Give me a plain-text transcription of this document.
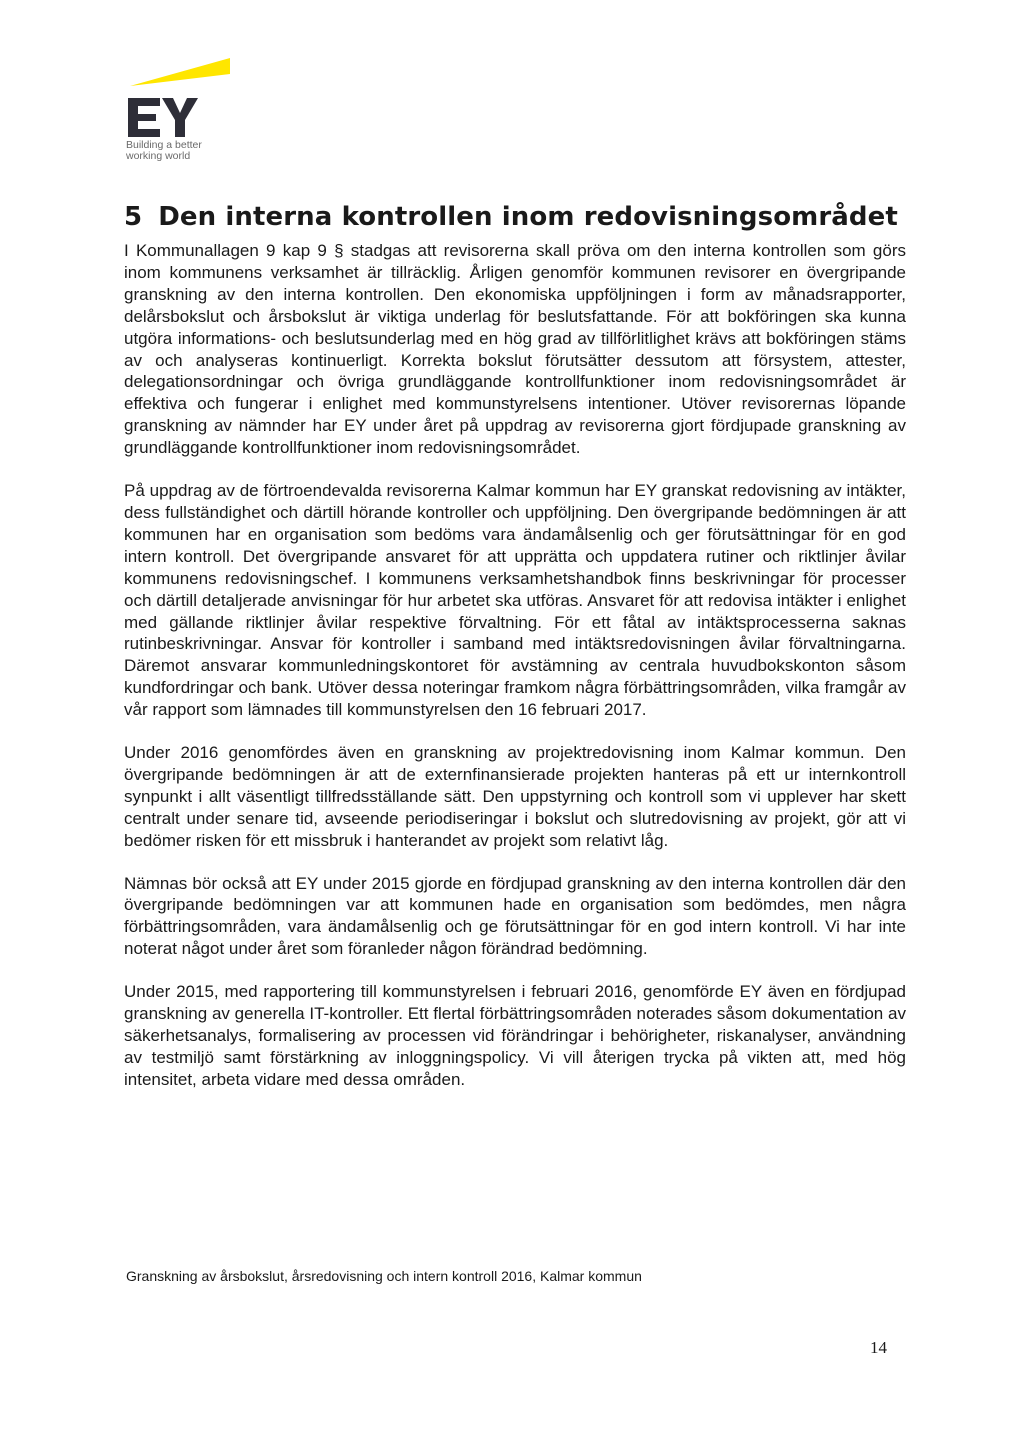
Building a better
working world
5 Den interna kontrollen inom redovisningsområdet

I Kommunallagen 9 kap 9 § stadgas att revisorerna skall pröva om den interna kontrollen som görs inom kommunens verksamhet är tillräcklig. Årligen genomför kommunen revisorer en övergripande granskning av den interna kontrollen. Den ekonomiska uppföljningen i form av månadsrapporter, delårsbokslut och årsbokslut är viktiga underlag för beslutsfattande. För att bokföringen ska kunna utgöra informations- och beslutsunderlag med en hög grad av tillförlitlighet krävs att bokföringen stäms av och analyseras kontinuerligt. Korrekta bokslut förutsätter dessutom att försystem, attester, delegationsordningar och övriga grundläggande kontrollfunktioner inom redovisningsområdet är effektiva och fungerar i enlighet med kommunstyrelsens intentioner. Utöver revisorernas löpande granskning av nämnder har EY under året på uppdrag av revisorerna gjort fördjupade granskning av grundläggande kontrollfunktioner inom redovisningsområdet.

På uppdrag av de förtroendevalda revisorerna Kalmar kommun har EY granskat redovisning av intäkter, dess fullständighet och därtill hörande kontroller och uppföljning. Den övergripande bedömningen är att kommunen har en organisation som bedöms vara ändamålsenlig och ger förutsättningar för en god intern kontroll. Det övergripande ansvaret för att upprätta och uppdatera rutiner och riktlinjer åvilar kommunens redovisningschef. I kommunens verksamhetshandbok finns beskrivningar för processer och därtill detaljerade anvisningar för hur arbetet ska utföras. Ansvaret för att redovisa intäkter i enlighet med gällande riktlinjer åvilar respektive förvaltning. För ett fåtal av intäktsprocesserna saknas rutinbeskrivningar. Ansvar för kontroller i samband med intäktsredovisningen åvilar förvaltningarna. Däremot ansvarar kommunledningskontoret för avstämning av centrala huvudbokskonton såsom kundfordringar och bank. Utöver dessa noteringar framkom några förbättringsområden, vilka framgår av vår rapport som lämnades till kommunstyrelsen den 16 februari 2017.

Under 2016 genomfördes även en granskning av projektredovisning inom Kalmar kommun. Den övergripande bedömningen är att de externfinansierade projekten hanteras på ett ur internkontroll synpunkt i allt väsentligt tillfredsställande sätt. Den uppstyrning och kontroll som vi upplever har skett centralt under senare tid, avseende periodiseringar i bokslut och slutredovisning av projekt, gör att vi bedömer risken för ett missbruk i hanterandet av projekt som relativt låg.

Nämnas bör också att EY under 2015 gjorde en fördjupad granskning av den interna kontrollen där den övergripande bedömningen var att kommunen hade en organisation som bedömdes, men några förbättringsområden, vara ändamålsenlig och ge förutsättningar för en god intern kontroll. Vi har inte noterat något under året som föranleder någon förändrad bedömning.

Under 2015, med rapportering till kommunstyrelsen i februari 2016, genomförde EY även en fördjupad granskning av generella IT-kontroller. Ett flertal förbättringsområden noterades såsom dokumentation av säkerhetsanalys, formalisering av processen vid förändringar i behörigheter, riskanalyser, användning av testmiljö samt förstärkning av inloggningspolicy. Vi vill återigen trycka på vikten att, med hög intensitet, arbeta vidare med dessa områden.

Granskning av årsbokslut, årsredovisning och intern kontroll 2016, Kalmar kommun
14
